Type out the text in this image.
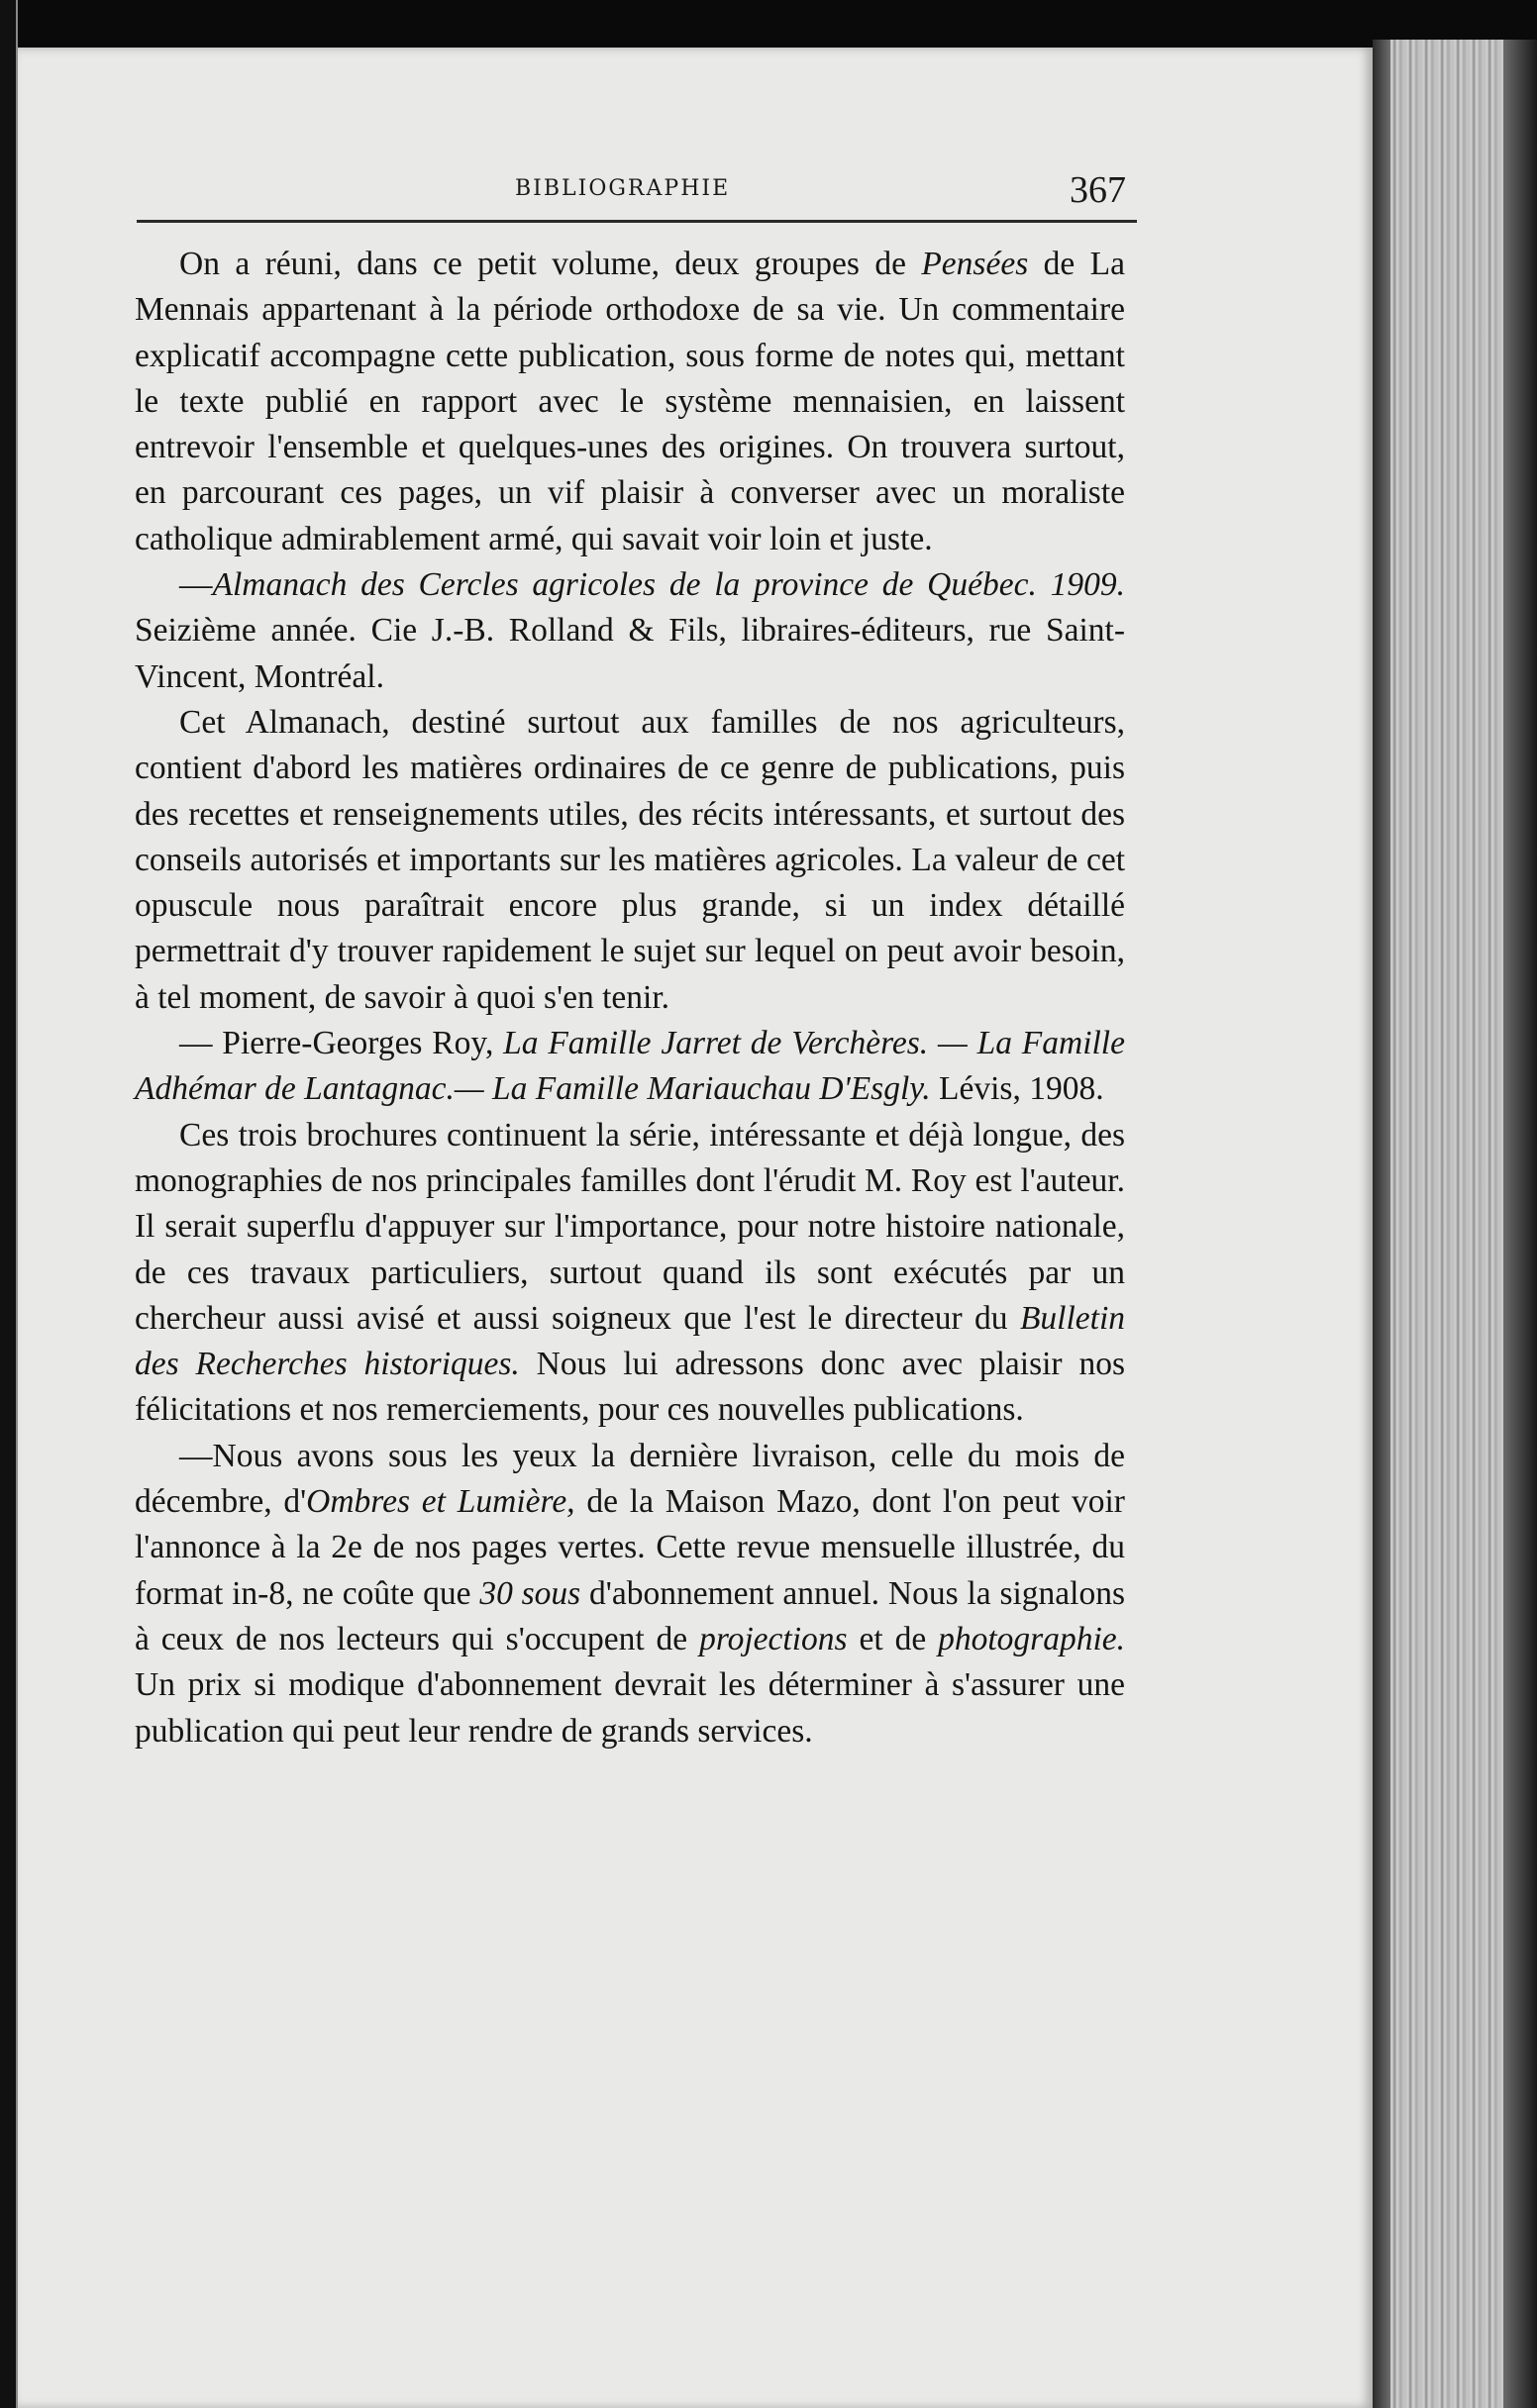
BIBLIOGRAPHIE	367

On a réuni, dans ce petit volume, deux groupes de Pensées de La Mennais appartenant à la période orthodoxe de sa vie. Un commentaire explicatif accompagne cette publication, sous forme de notes qui, mettant le texte publié en rapport avec le système mennaisien, en laissent entrevoir l'ensemble et quelques-unes des origines. On trouvera surtout, en parcourant ces pages, un vif plaisir à converser avec un moraliste catholique admirablement armé, qui savait voir loin et juste.

—Almanach des Cercles agricoles de la province de Québec. 1909. Seizième année. Cie J.-B. Rolland & Fils, libraires-éditeurs, rue Saint-Vincent, Montréal.

Cet Almanach, destiné surtout aux familles de nos agriculteurs, contient d'abord les matières ordinaires de ce genre de publications, puis des recettes et renseignements utiles, des récits intéressants, et surtout des conseils autorisés et importants sur les matières agricoles. La valeur de cet opuscule nous paraîtrait encore plus grande, si un index détaillé permettrait d'y trouver rapidement le sujet sur lequel on peut avoir besoin, à tel moment, de savoir à quoi s'en tenir.

— Pierre-Georges Roy, La Famille Jarret de Verchères. — La Famille Adhémar de Lantagnac.— La Famille Mariauchau D'Esgly. Lévis, 1908.

Ces trois brochures continuent la série, intéressante et déjà longue, des monographies de nos principales familles dont l'érudit M. Roy est l'auteur. Il serait superflu d'appuyer sur l'importance, pour notre histoire nationale, de ces travaux particuliers, surtout quand ils sont exécutés par un chercheur aussi avisé et aussi soigneux que l'est le directeur du Bulletin des Recherches historiques. Nous lui adressons donc avec plaisir nos félicitations et nos remerciements, pour ces nouvelles publications.

—Nous avons sous les yeux la dernière livraison, celle du mois de décembre, d'Ombres et Lumière, de la Maison Mazo, dont l'on peut voir l'annonce à la 2e de nos pages vertes. Cette revue mensuelle illustrée, du format in-8, ne coûte que 30 sous d'abonnement annuel. Nous la signalons à ceux de nos lecteurs qui s'occupent de projections et de photographie. Un prix si modique d'abonnement devrait les déterminer à s'assurer une publication qui peut leur rendre de grands services.
